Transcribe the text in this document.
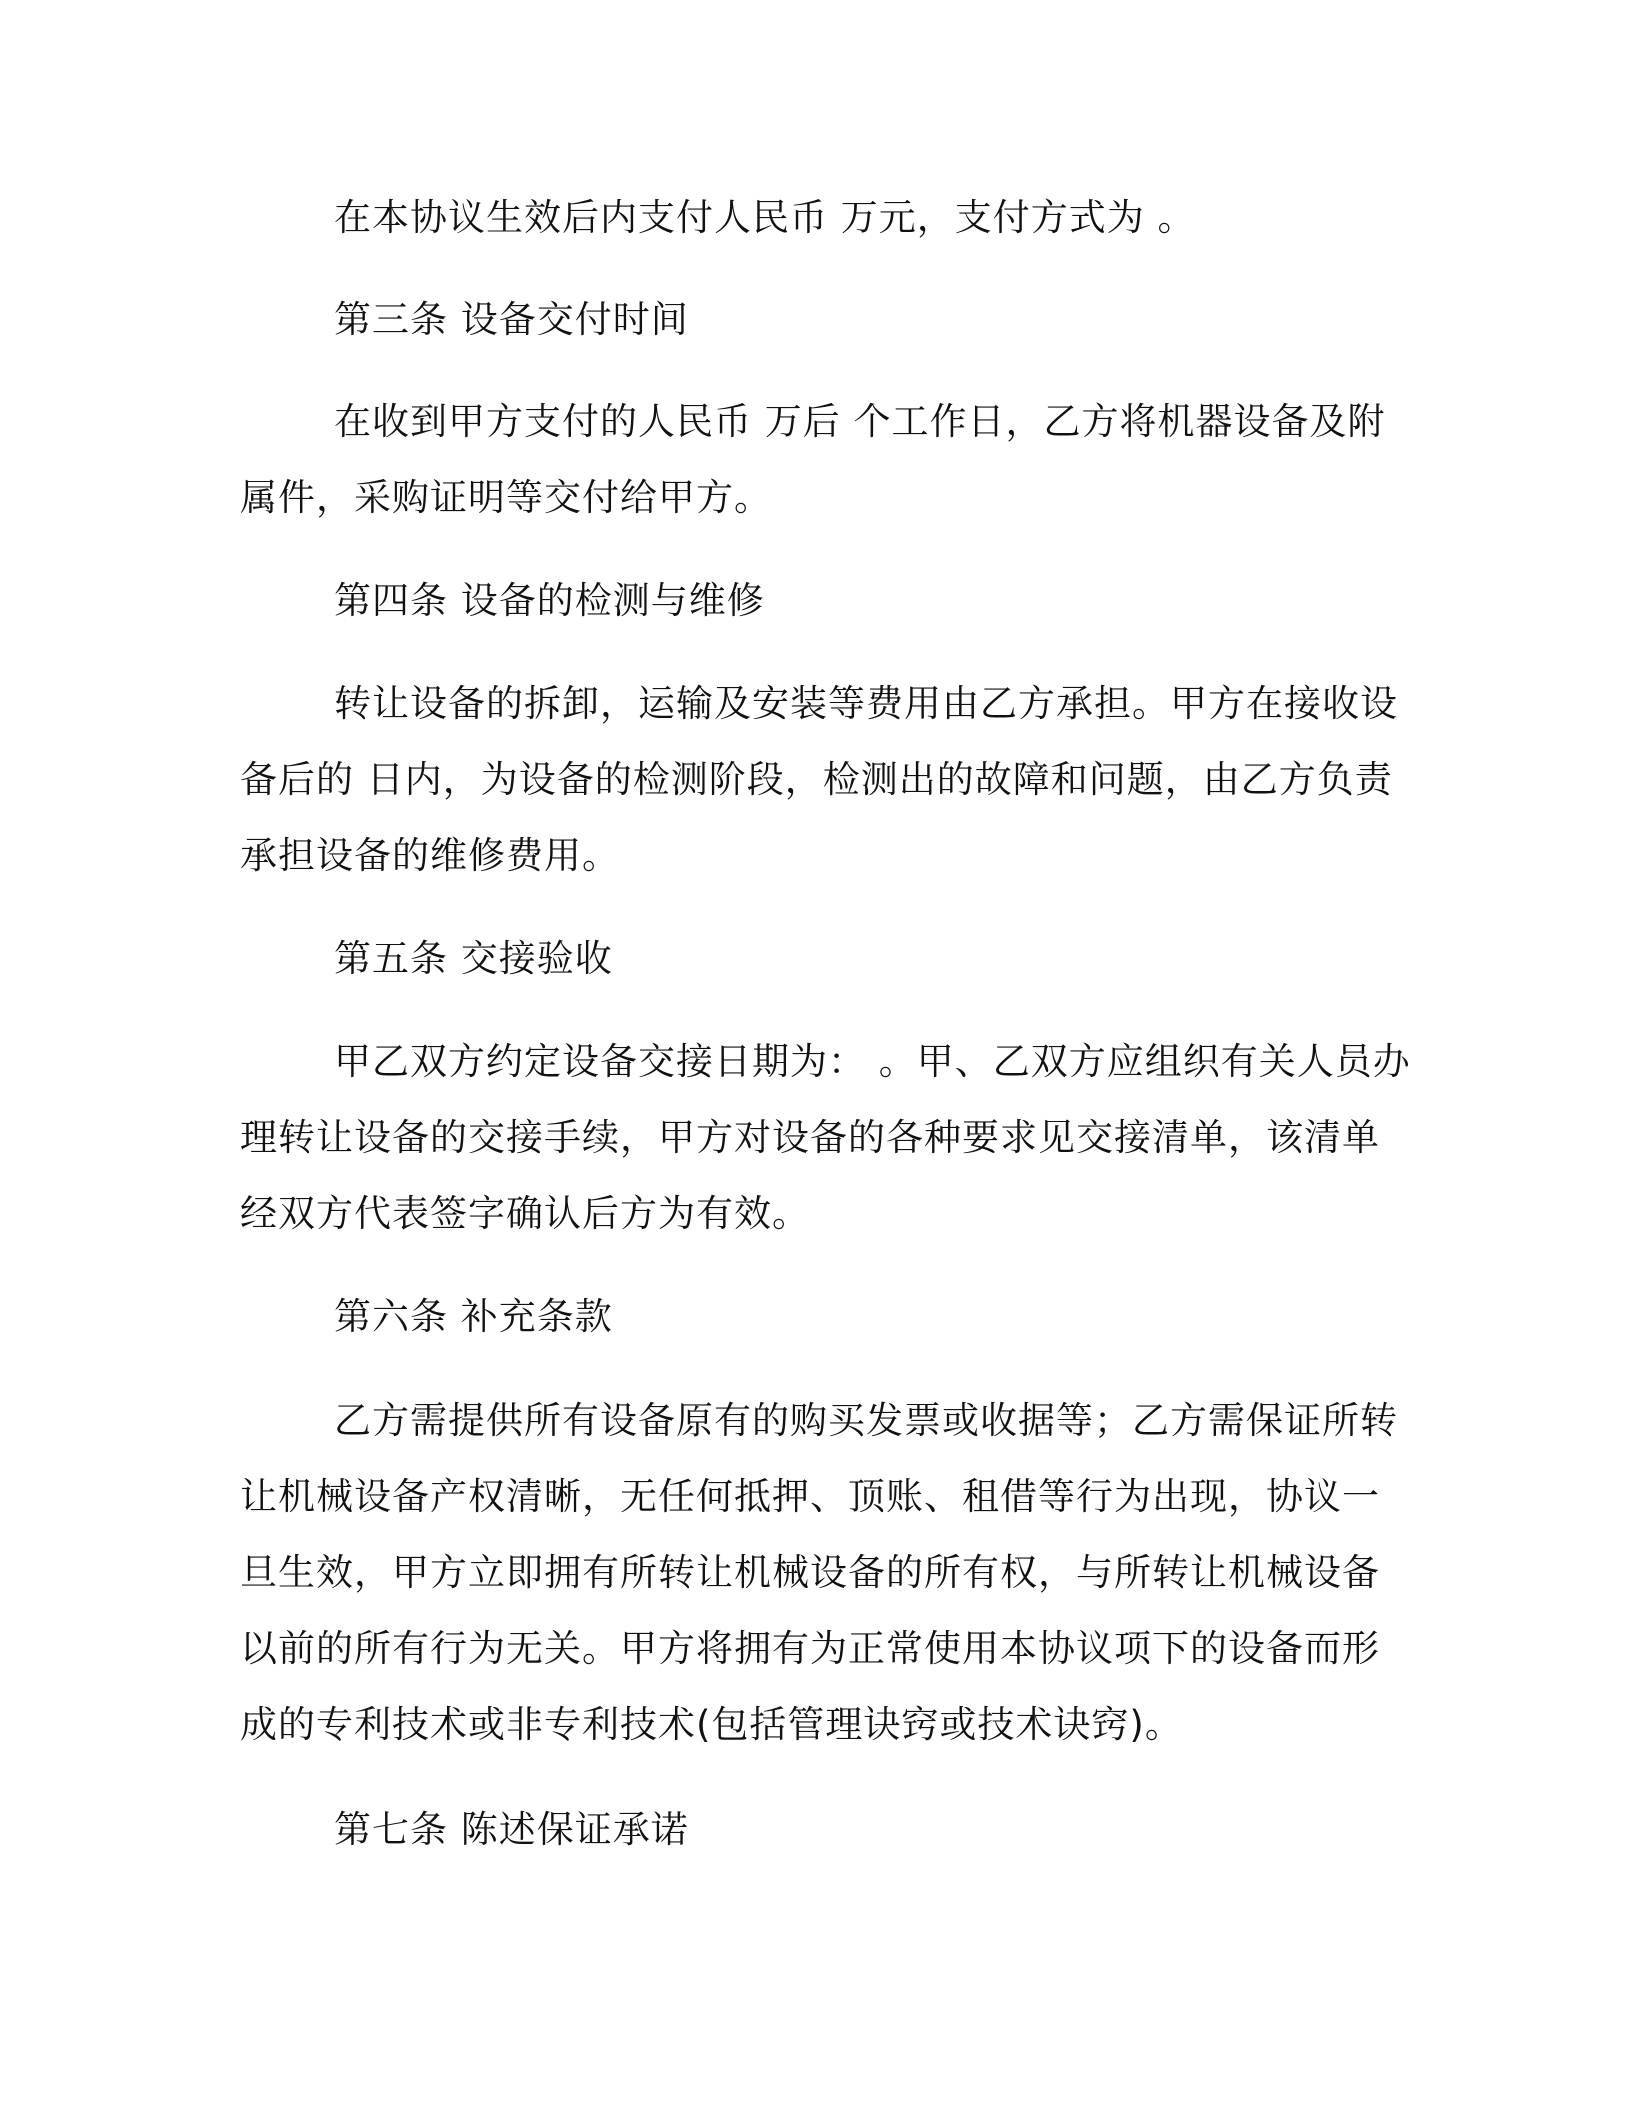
在本协议生效后内支付人民币 万元，支付方式为 。
第三条 设备交付时间
在收到甲方支付的人民币 万后 个工作日，乙方将机器设备及附
属件，采购证明等交付给甲方。
第四条 设备的检测与维修
转让设备的拆卸，运输及安装等费用由乙方承担。甲方在接收设
备后的 日内，为设备的检测阶段，检测出的故障和问题，由乙方负责
承担设备的维修费用。
第五条 交接验收
甲乙双方约定设备交接日期为： 。甲、乙双方应组织有关人员办
理转让设备的交接手续，甲方对设备的各种要求见交接清单，该清单
经双方代表签字确认后方为有效。
第六条 补充条款
乙方需提供所有设备原有的购买发票或收据等；乙方需保证所转
让机械设备产权清晰，无任何抵押、顶账、租借等行为出现，协议一
旦生效，甲方立即拥有所转让机械设备的所有权，与所转让机械设备
以前的所有行为无关。甲方将拥有为正常使用本协议项下的设备而形
成的专利技术或非专利技术(包括管理诀窍或技术诀窍)。
第七条 陈述保证承诺
